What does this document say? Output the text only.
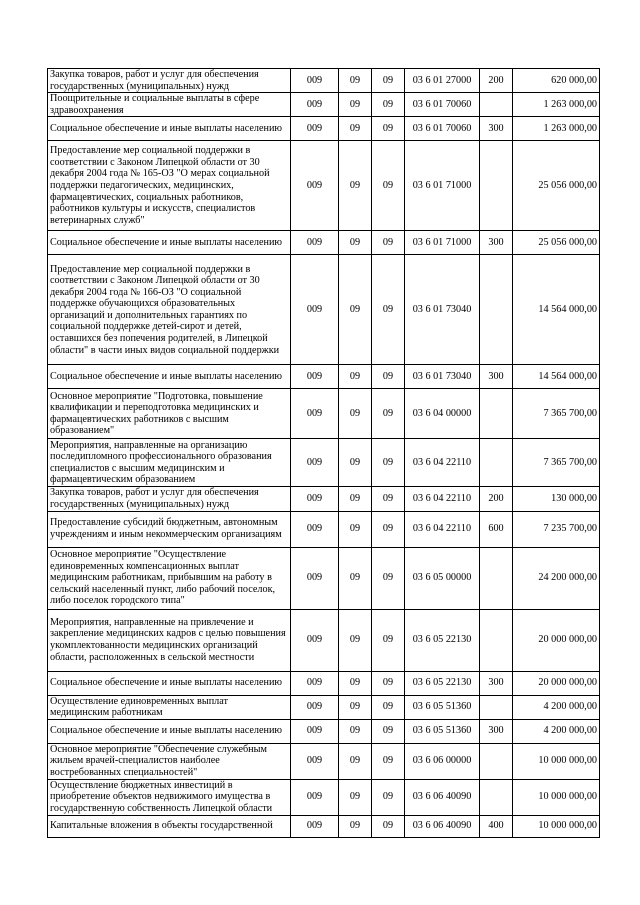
Закупка товаров, работ и услуг для обеспечения государственных (муниципальных) нужд	009	09	09	03 6 01 27000	200	620 000,00
Поощрительные и социальные выплаты в сфере здравоохранения	009	09	09	03 6 01 70060		1 263 000,00
Социальное обеспечение и иные выплаты населению	009	09	09	03 6 01 70060	300	1 263 000,00
Предоставление мер социальной поддержки в соответствии с Законом Липецкой области от 30 декабря 2004 года № 165-ОЗ "О мерах социальной поддержки педагогических, медицинских, фармацевтических, социальных работников, работников культуры и искусств, специалистов ветеринарных служб"	009	09	09	03 6 01 71000		25 056 000,00
Социальное обеспечение и иные выплаты населению	009	09	09	03 6 01 71000	300	25 056 000,00
Предоставление мер социальной поддержки в соответствии с Законом Липецкой области от 30 декабря 2004 года № 166-ОЗ "О социальной поддержке обучающихся образовательных организаций и дополнительных гарантиях по социальной поддержке детей-сирот и детей, оставшихся без попечения родителей, в Липецкой области" в части иных видов социальной поддержки	009	09	09	03 6 01 73040		14 564 000,00
Социальное обеспечение и иные выплаты населению	009	09	09	03 6 01 73040	300	14 564 000,00
Основное мероприятие "Подготовка, повышение квалификации и переподготовка медицинских и фармацевтических работников с высшим образованием"	009	09	09	03 6 04 00000		7 365 700,00
Мероприятия, направленные на организацию последипломного профессионального образования специалистов с высшим медицинским и фармацевтическим образованием	009	09	09	03 6 04 22110		7 365 700,00
Закупка товаров, работ и услуг для обеспечения государственных (муниципальных) нужд	009	09	09	03 6 04 22110	200	130 000,00
Предоставление субсидий бюджетным, автономным учреждениям и иным некоммерческим организациям	009	09	09	03 6 04 22110	600	7 235 700,00
Основное мероприятие "Осуществление единовременных компенсационных выплат медицинским работникам, прибывшим на работу в сельский населенный пункт, либо рабочий поселок, либо поселок городского типа"	009	09	09	03 6 05 00000		24 200 000,00
Мероприятия, направленные на привлечение и закрепление медицинских кадров с целью повышения укомплектованности медицинских организаций области, расположенных в сельской местности	009	09	09	03 6 05 22130		20 000 000,00
Социальное обеспечение и иные выплаты населению	009	09	09	03 6 05 22130	300	20 000 000,00
Осуществление единовременных выплат медицинским работникам	009	09	09	03 6 05 51360		4 200 000,00
Социальное обеспечение и иные выплаты населению	009	09	09	03 6 05 51360	300	4 200 000,00
Основное мероприятие "Обеспечение служебным жильем врачей-специалистов наиболее востребованных специальностей"	009	09	09	03 6 06 00000		10 000 000,00
Осуществление бюджетных инвестиций в приобретение объектов недвижимого имущества в государственную собственность Липецкой области	009	09	09	03 6 06 40090		10 000 000,00
Капитальные вложения в объекты государственной	009	09	09	03 6 06 40090	400	10 000 000,00
